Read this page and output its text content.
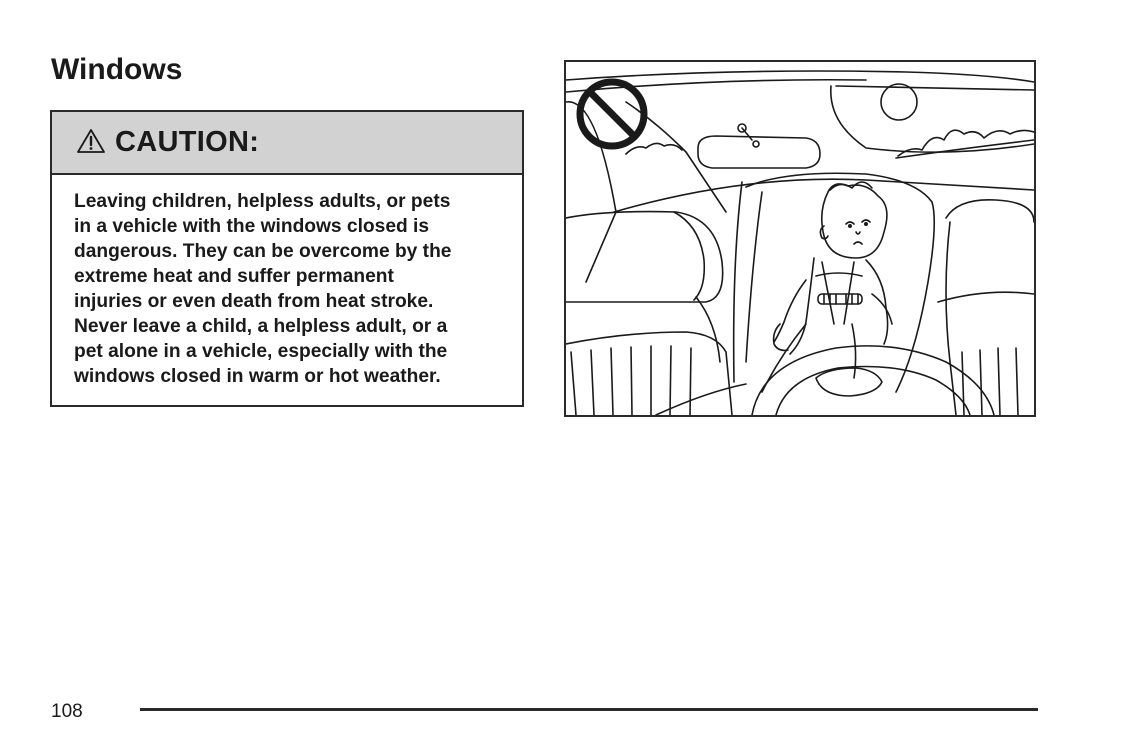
Windows
CAUTION:
Leaving children, helpless adults, or pets
in a vehicle with the windows closed is
dangerous. They can be overcome by the
extreme heat and suffer permanent
injuries or even death from heat stroke.
Never leave a child, a helpless adult, or a
pet alone in a vehicle, especially with the
windows closed in warm or hot weather.
108
